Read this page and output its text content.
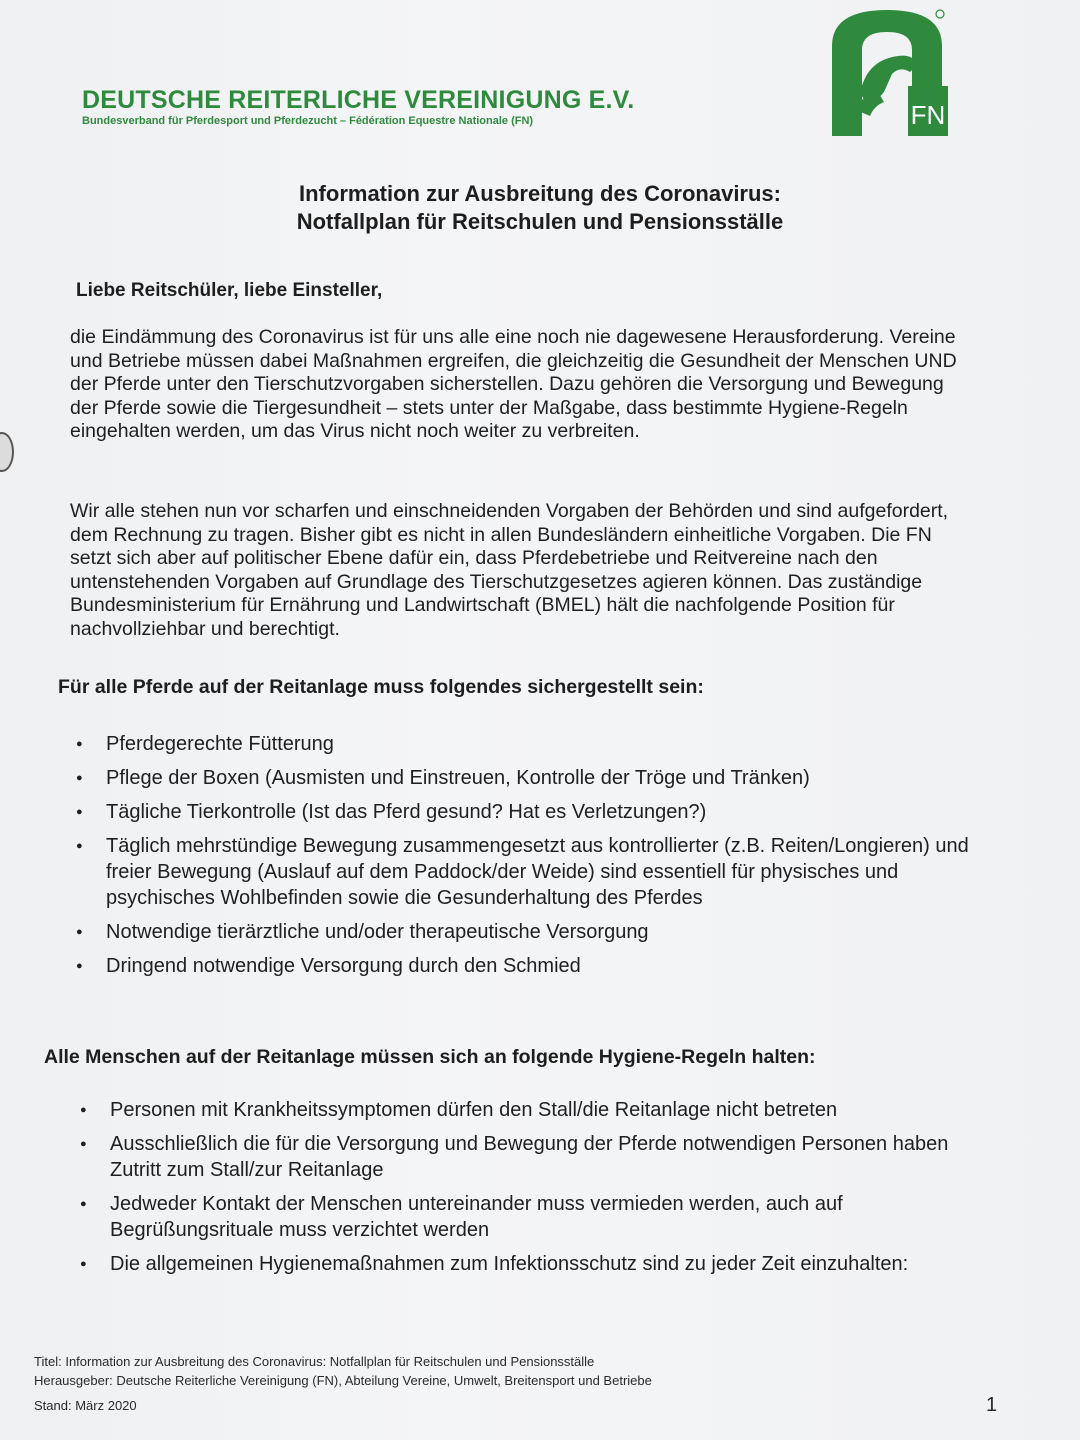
DEUTSCHE REITERLICHE VEREINIGUNG E.V.
Bundesverband für Pferdesport und Pferdezucht – Fédération Equestre Nationale (FN)	FN
Information zur Ausbreitung des Coronavirus:
Notfallplan für Reitschulen und Pensionsställe
Liebe Reitschüler, liebe Einsteller,
die Eindämmung des Coronavirus ist für uns alle eine noch nie dagewesene Herausforderung. Vereine und Betriebe müssen dabei Maßnahmen ergreifen, die gleichzeitig die Gesundheit der Menschen UND der Pferde unter den Tierschutzvorgaben sicherstellen. Dazu gehören die Versorgung und Bewegung der Pferde sowie die Tiergesundheit – stets unter der Maßgabe, dass bestimmte Hygiene-Regeln eingehalten werden, um das Virus nicht noch weiter zu verbreiten.
Wir alle stehen nun vor scharfen und einschneidenden Vorgaben der Behörden und sind aufgefordert, dem Rechnung zu tragen. Bisher gibt es nicht in allen Bundesländern einheitliche Vorgaben. Die FN setzt sich aber auf politischer Ebene dafür ein, dass Pferdebetriebe und Reitvereine nach den untenstehenden Vorgaben auf Grundlage des Tierschutzgesetzes agieren können. Das zuständige Bundesministerium für Ernährung und Landwirtschaft (BMEL) hält die nachfolgende Position für nachvollziehbar und berechtigt.
Für alle Pferde auf der Reitanlage muss folgendes sichergestellt sein:
● Pferdegerechte Fütterung
● Pflege der Boxen (Ausmisten und Einstreuen, Kontrolle der Tröge und Tränken)
● Tägliche Tierkontrolle (Ist das Pferd gesund? Hat es Verletzungen?)
● Täglich mehrstündige Bewegung zusammengesetzt aus kontrollierter (z.B. Reiten/Longieren) und freier Bewegung (Auslauf auf dem Paddock/der Weide) sind essentiell für physisches und psychisches Wohlbefinden sowie die Gesunderhaltung des Pferdes
● Notwendige tierärztliche und/oder therapeutische Versorgung
● Dringend notwendige Versorgung durch den Schmied
Alle Menschen auf der Reitanlage müssen sich an folgende Hygiene-Regeln halten:
● Personen mit Krankheitssymptomen dürfen den Stall/die Reitanlage nicht betreten
● Ausschließlich die für die Versorgung und Bewegung der Pferde notwendigen Personen haben Zutritt zum Stall/zur Reitanlage
● Jedweder Kontakt der Menschen untereinander muss vermieden werden, auch auf Begrüßungsrituale muss verzichtet werden
● Die allgemeinen Hygienemaßnahmen zum Infektionsschutz sind zu jeder Zeit einzuhalten:
Titel: Information zur Ausbreitung des Coronavirus: Notfallplan für Reitschulen und Pensionsställe
Herausgeber: Deutsche Reiterliche Vereinigung (FN), Abteilung Vereine, Umwelt, Breitensport und Betriebe
Stand: März 2020	1
